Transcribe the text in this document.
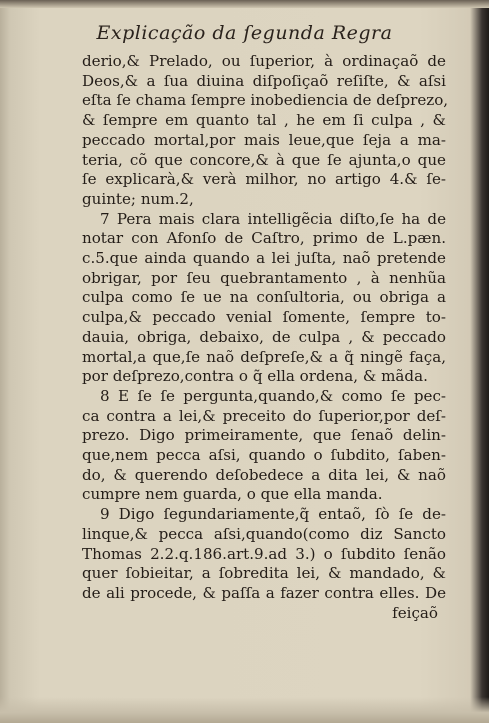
Explicação da ſegunda Regra
derio,& Prelado, ou ſuperior, à ordinaçaõ de
Deos,& a ſua diuina diſpoſiçaõ reſiſte, & aſsi
eſta ſe chama ſempre inobediencia de deſprezo,
& ſempre em quanto tal , he em ſi culpa , &
peccado mortal,por mais leue,que ſeja a ma-
teria, cõ que concore,& à que ſe ajunta,o que
ſe explicarà,& verà milhor, no artigo 4.& ſe-
guinte; num.2,
7 Pera mais clara intelligẽcia diſto,ſe ha de
notar con Afonſo de Caſtro, primo de L.pæn.
c.5.que ainda quando a lei juſta, naõ pretende
obrigar, por ſeu quebrantamento , à nenhũa
culpa como ſe ue na conſultoria, ou obriga a
culpa,& peccado venial ſomente, ſempre to-
dauia, obriga, debaixo, de culpa , & peccado
mortal,a que,ſe naõ deſpreſe,& a q̃ ningẽ faça,
por deſprezo,contra o q̃ ella ordena, & mãda.
8 E ſe ſe pergunta,quando,& como ſe pec-
ca contra a lei,& preceito do ſuperior,por deſ-
prezo. Digo primeiramente, que ſenaõ delin-
que,nem pecca aſsi, quando o ſubdito, ſaben-
do, & querendo deſobedece a dita lei, & naõ
cumpre nem guarda, o que ella manda.
9 Digo ſegundariamente,q̃ entaõ, ſò ſe de-
linque,& pecca aſsi,quando(como diz Sancto
Thomas 2.2.q.186.art.9.ad 3.) o ſubdito ſenão
quer ſobieitar, a ſobredita lei, & mandado, &
de ali procede, & paſſa a fazer contra elles. De
feiçaõ
